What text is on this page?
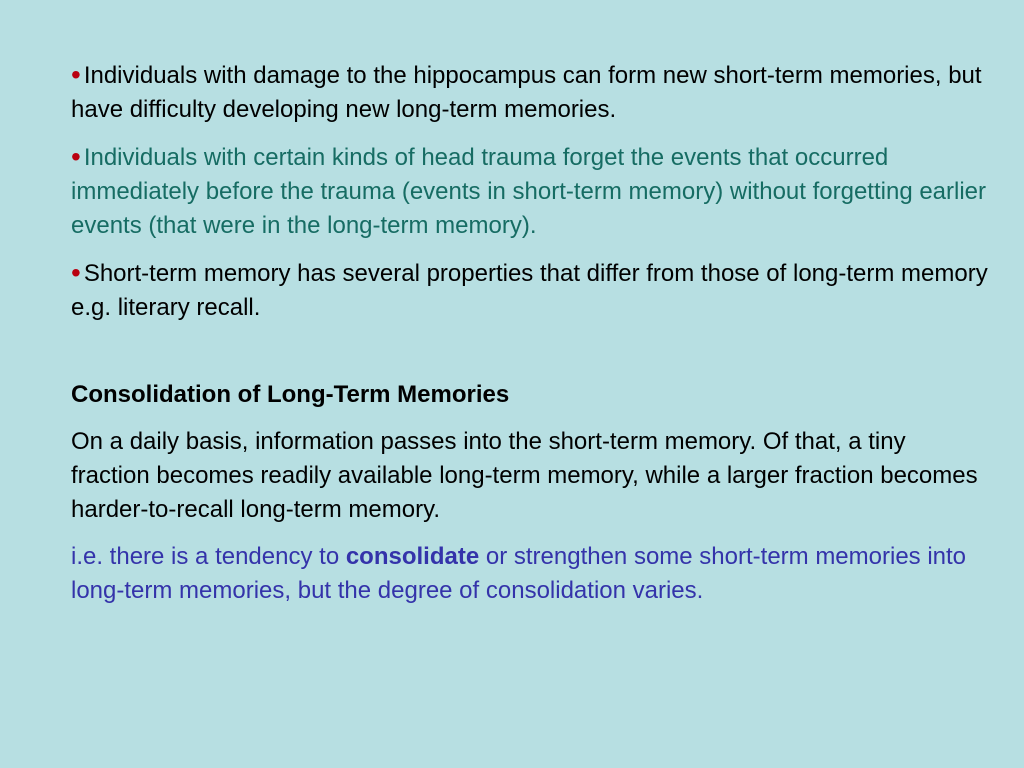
• Individuals with damage to the hippocampus can form new short-term memories, but have difficulty developing new long-term memories.

• Individuals with certain kinds of head trauma forget the events that occurred immediately before the trauma (events in short-term memory) without forgetting earlier events (that were in the long-term memory).

• Short-term memory has several properties that differ from those of long-term memory e.g. literary recall.

Consolidation of Long-Term Memories

On a daily basis, information passes into the short-term memory. Of that, a tiny fraction becomes readily available long-term memory, while a larger fraction becomes harder-to-recall long-term memory.

i.e. there is a tendency to consolidate or strengthen some short-term memories into long-term memories, but the degree of consolidation varies.
